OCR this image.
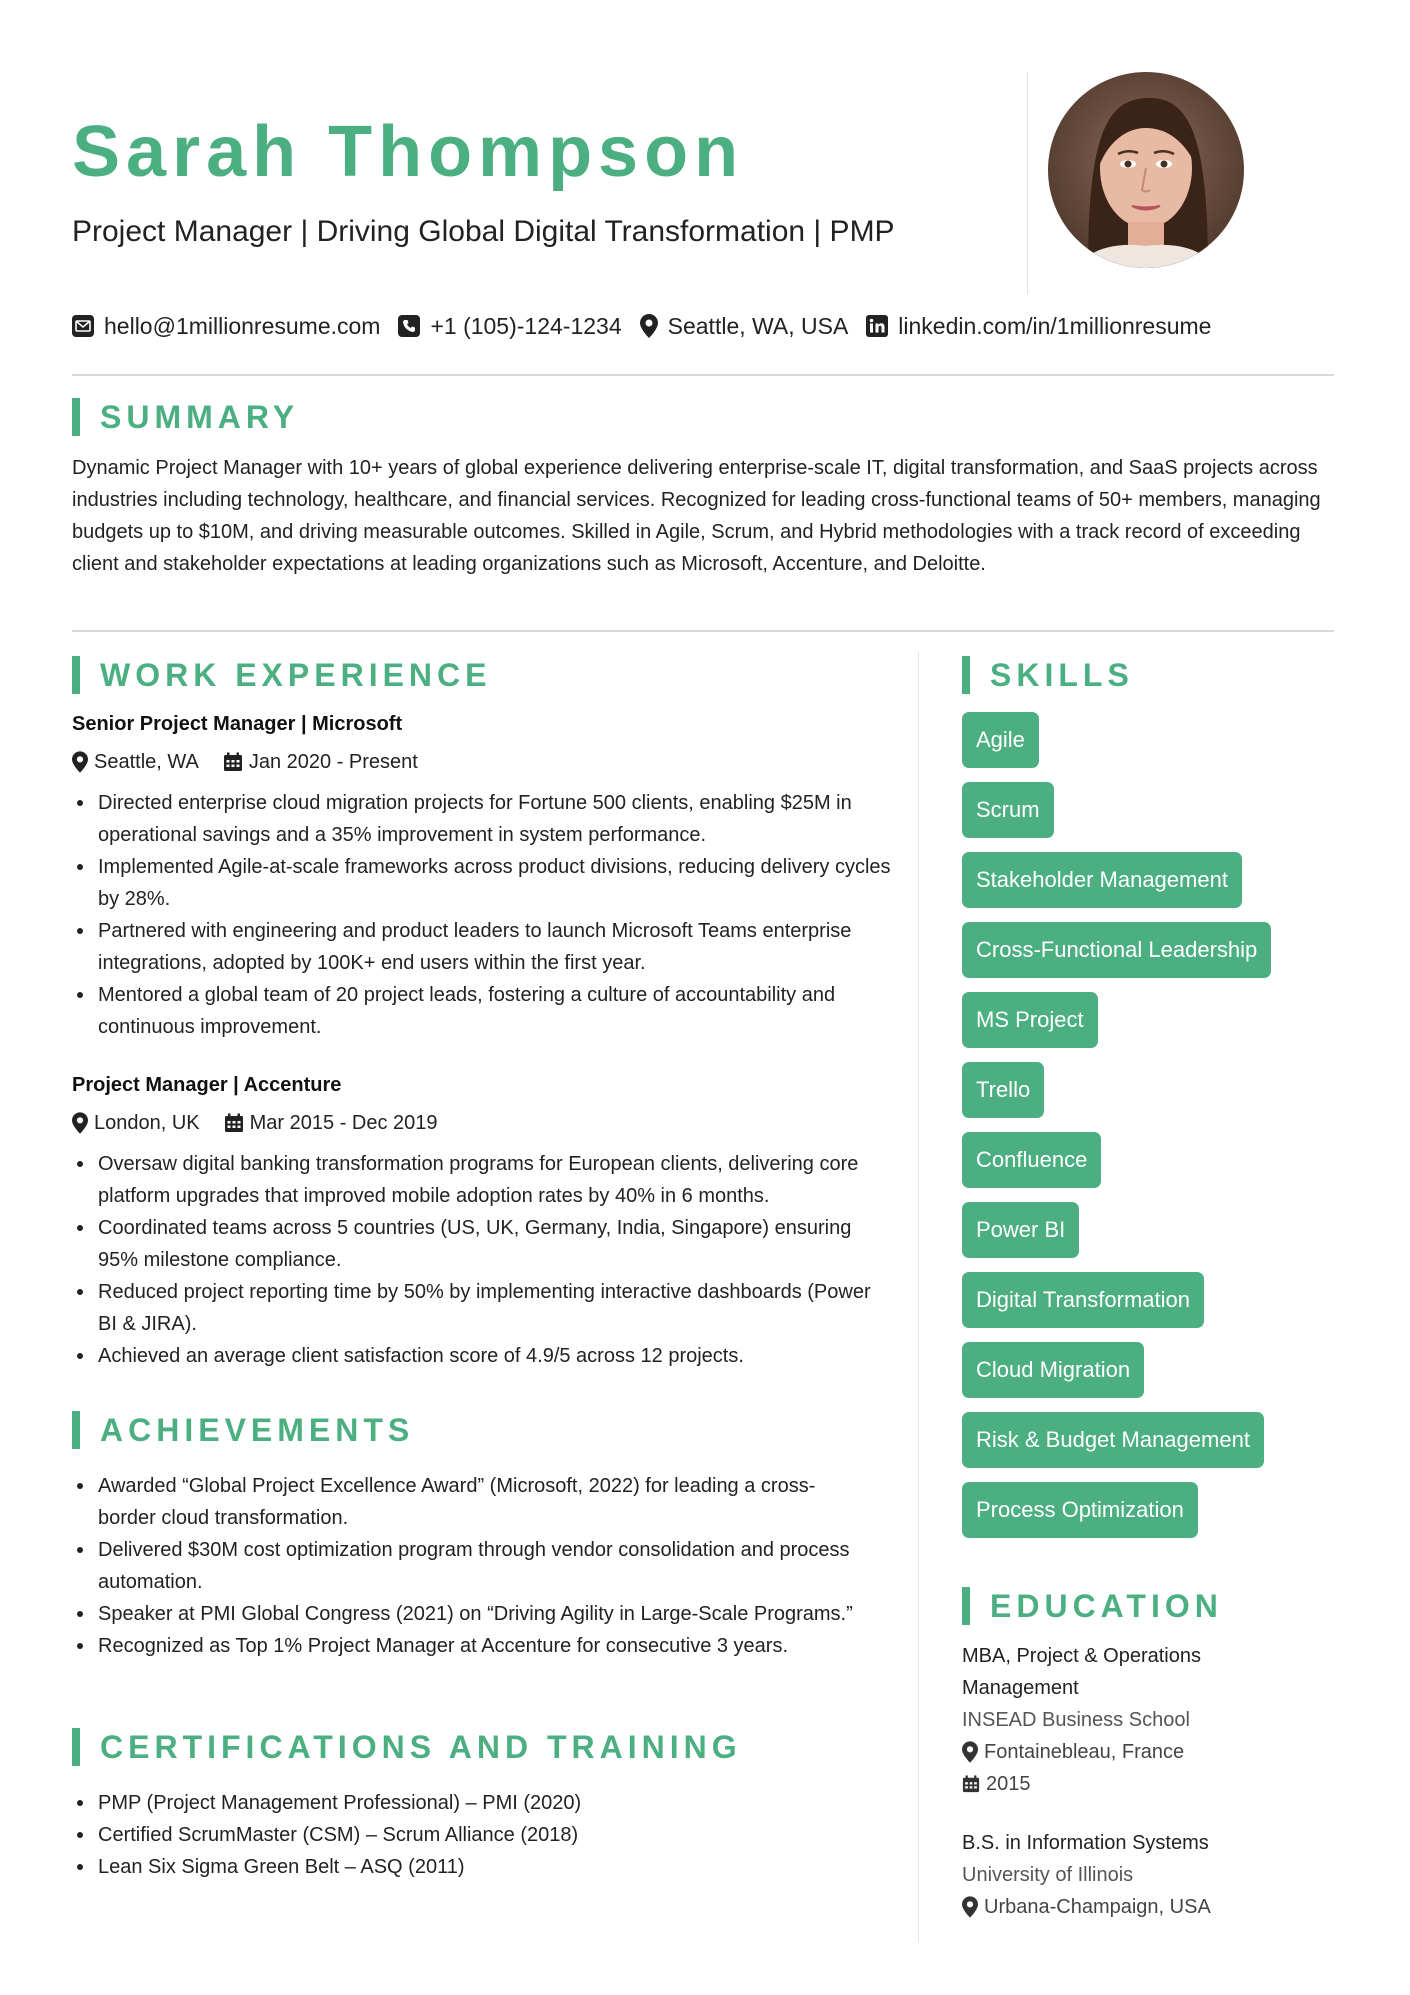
Sarah Thompson
Project Manager | Driving Global Digital Transformation | PMP
hello@1millionresume.com +1 (105)-124-1234 Seattle, WA, USA linkedin.com/in/1millionresume
SUMMARY

Dynamic Project Manager with 10+ years of global experience delivering enterprise-scale IT, digital transformation, and SaaS projects across industries including technology, healthcare, and financial services. Recognized for leading cross-functional teams of 50+ members, managing budgets up to $10M, and driving measurable outcomes. Skilled in Agile, Scrum, and Hybrid methodologies with a track record of exceeding client and stakeholder expectations at leading organizations such as Microsoft, Accenture, and Deloitte.

WORK EXPERIENCE
Senior Project Manager | Microsoft
Seattle, WA	Jan 2020 - Present
Directed enterprise cloud migration projects for Fortune 500 clients, enabling $25M in operational savings and a 35% improvement in system performance.
Implemented Agile-at-scale frameworks across product divisions, reducing delivery cycles by 28%.
Partnered with engineering and product leaders to launch Microsoft Teams enterprise integrations, adopted by 100K+ end users within the first year.
Mentored a global team of 20 project leads, fostering a culture of accountability and continuous improvement.
Project Manager | Accenture
London, UK	Mar 2015 - Dec 2019
Oversaw digital banking transformation programs for European clients, delivering core platform upgrades that improved mobile adoption rates by 40% in 6 months.
Coordinated teams across 5 countries (US, UK, Germany, India, Singapore) ensuring 95% milestone compliance.
Reduced project reporting time by 50% by implementing interactive dashboards (Power BI & JIRA).
Achieved an average client satisfaction score of 4.9/5 across 12 projects.
ACHIEVEMENTS
Awarded “Global Project Excellence Award” (Microsoft, 2022) for leading a cross-border cloud transformation.
Delivered $30M cost optimization program through vendor consolidation and process automation.
Speaker at PMI Global Congress (2021) on “Driving Agility in Large-Scale Programs.”
Recognized as Top 1% Project Manager at Accenture for consecutive 3 years.
CERTIFICATIONS AND TRAINING
PMP (Project Management Professional) – PMI (2020)
Certified ScrumMaster (CSM) – Scrum Alliance (2018)
Lean Six Sigma Green Belt – ASQ (2011)
SKILLS
Agile
Scrum
Stakeholder Management
Cross-Functional Leadership
MS Project
Trello
Confluence
Power BI
Digital Transformation
Cloud Migration
Risk & Budget Management
Process Optimization
EDUCATION
MBA, Project & Operations Management
INSEAD Business School
Fontainebleau, France
2015
B.S. in Information Systems
University of Illinois
Urbana-Champaign, USA
